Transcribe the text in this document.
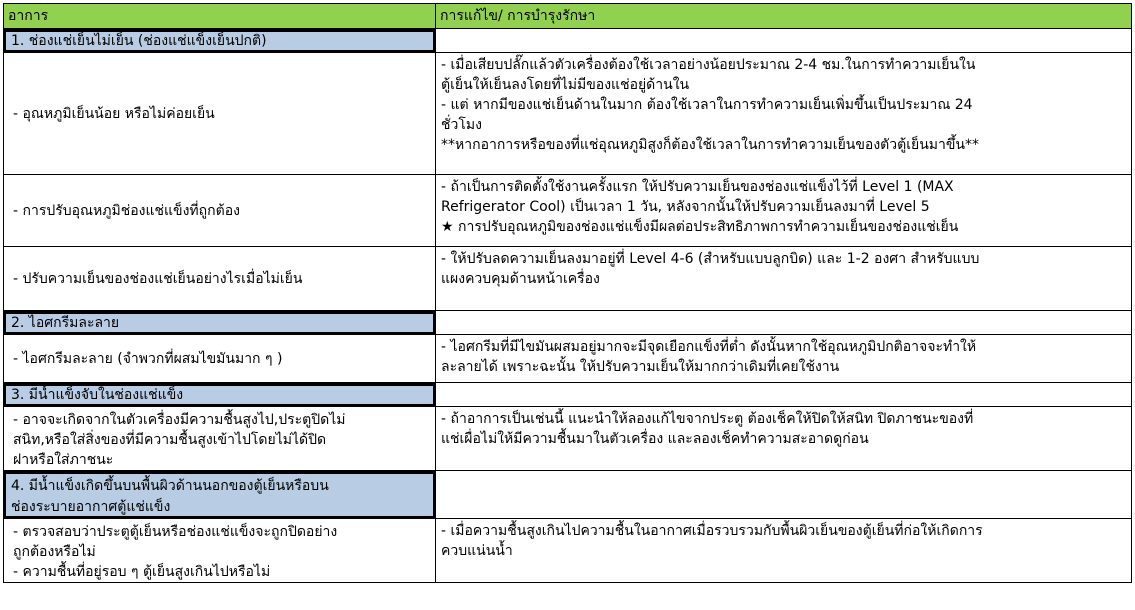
อาการ	การแก้ไข/ การบำรุงรักษา
1. ช่องแช่เย็นไม่เย็น (ช่องแช่แข็งเย็นปกติ)
- อุณหภูมิเย็นน้อย หรือไม่ค่อยเย็น
- เมื่อเสียบปลั๊กแล้วตัวเครื่องต้องใช้เวลาอย่างน้อยประมาณ 2-4 ชม.ในการทำความเย็นใน
ตู้เย็นให้เย็นลงโดยที่ไม่มีของแช่อยู่ด้านใน
- แต่ หากมีของแช่เย็นด้านในมาก ต้องใช้เวลาในการทำความเย็นเพิ่มขึ้นเป็นประมาณ 24
ชั่วโมง
**หากอาการหรือของที่แช่อุณหภูมิสูงก็ต้องใช้เวลาในการทำความเย็นของตัวตู้เย็นมาขึ้น**
- การปรับอุณหภูมิช่องแช่แข็งที่ถูกต้อง
- ถ้าเป็นการติดตั้งใช้งานครั้งแรก ให้ปรับความเย็นของช่องแช่แข็งไว้ที่ Level 1 (MAX
Refrigerator Cool) เป็นเวลา 1 วัน, หลังจากนั้นให้ปรับความเย็นลงมาที่ Level 5
★ การปรับอุณหภูมิของช่องแช่แข็งมีผลต่อประสิทธิภาพการทำความเย็นของช่องแช่เย็น
- ปรับความเย็นของช่องแช่เย็นอย่างไรเมื่อไม่เย็น
- ให้ปรับลดความเย็นลงมาอยู่ที่ Level 4-6 (สำหรับแบบลูกบิด) และ 1-2 องศา สำหรับแบบ
แผงควบคุมด้านหน้าเครื่อง
2. ไอศกรีมละลาย
- ไอศกรีมละลาย (จำพวกที่ผสมไขมันมาก ๆ )
- ไอศกรีมที่มีไขมันผสมอยู่มากจะมีจุดเยือกแข็งที่ต่ำ ดังนั้นหากใช้อุณหภูมิปกติอาจจะทำให้
ละลายได้ เพราะฉะนั้น ให้ปรับความเย็นให้มากกว่าเดิมที่เคยใช้งาน
3. มีน้ำแข็งจับในช่องแช่แข็ง
- อาจจะเกิดจากในตัวเครื่องมีความชื้นสูงไป,ประตูปิดไม่
สนิท,หรือใส่สิ่งของที่มีความชื้นสูงเข้าไปโดยไม่ได้ปิด
ฝาหรือใส่ภาชนะ
- ถ้าอาการเป็นเช่นนี้ แนะนำให้ลองแก้ไขจากประตู ต้องเช็คให้ปิดให้สนิท ปิดภาชนะของที่
แช่เผื่อไม่ให้มีความชื้นมาในตัวเครื่อง และลองเช็คทำความสะอาดดูก่อน
4. มีน้ำแข็งเกิดขึ้นบนพื้นผิวด้านนอกของตู้เย็นหรือบน
ช่องระบายอากาศตู้แช่แข็ง
- ตรวจสอบว่าประตูตู้เย็นหรือช่องแช่แข็งจะถูกปิดอย่าง
ถูกต้องหรือไม่
- ความชื้นที่อยู่รอบ ๆ ตู้เย็นสูงเกินไปหรือไม่
- เมื่อความชื้นสูงเกินไปความชื้นในอากาศเมื่อรวบรวมกับพื้นผิวเย็นของตู้เย็นที่ก่อให้เกิดการ
ควบแน่นน้ำ
